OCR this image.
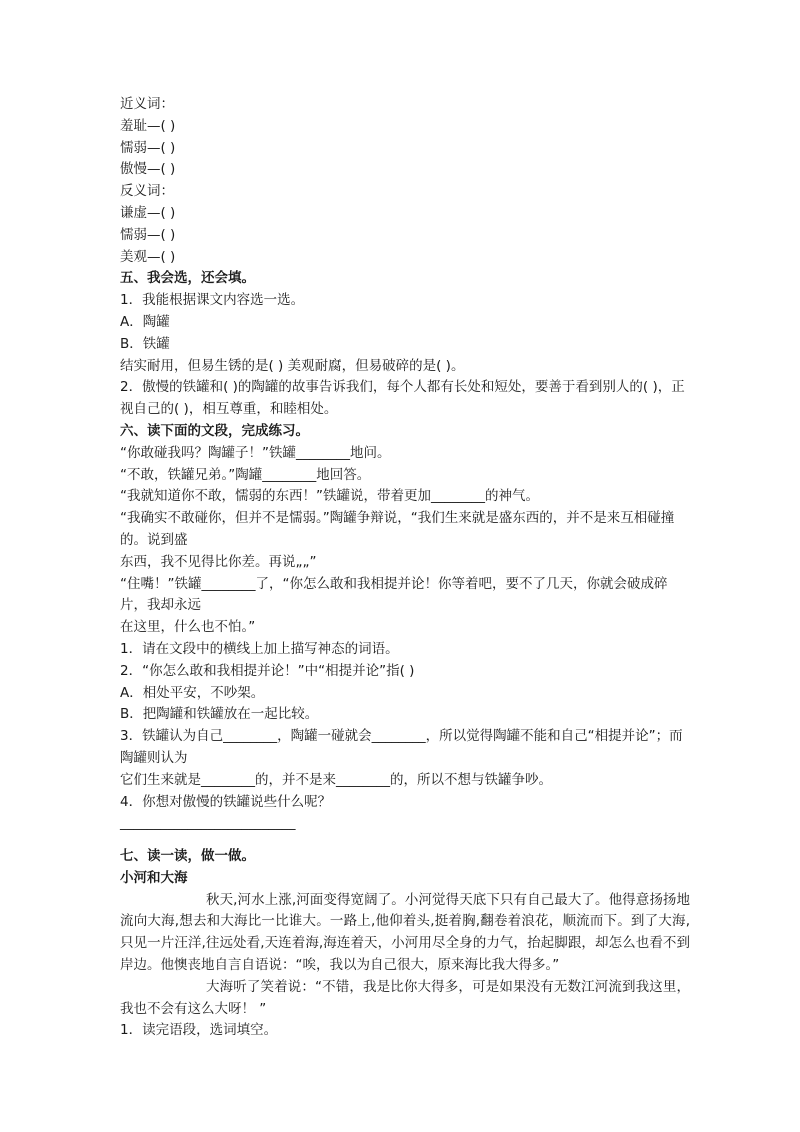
近义词：
羞耻—( )
懦弱—( )
傲慢—( )
反义词：
谦虚—( )
懦弱—( )
美观—( )
五、我会选，还会填。
1．我能根据课文内容选一选。
A．陶罐
B．铁罐
结实耐用，但易生锈的是( ) 美观耐腐，但易破碎的是( )。
2．傲慢的铁罐和( )的陶罐的故事告诉我们，每个人都有长处和短处，要善于看到别人的( )，正视自己的( )，相互尊重，和睦相处。
六、读下面的文段，完成练习。
“你敢碰我吗？陶罐子！”铁罐________地问。
“不敢，铁罐兄弟。”陶罐________地回答。
“我就知道你不敢，懦弱的东西！”铁罐说，带着更加________的神气。
“我确实不敢碰你，但并不是懦弱。”陶罐争辩说，“我们生来就是盛东西的，并不是来互相碰撞的。说到盛
东西，我不见得比你差。再说„„”
“住嘴！”铁罐________了，“你怎么敢和我相提并论！你等着吧，要不了几天，你就会破成碎片，我却永远
在这里，什么也不怕。”
1．请在文段中的横线上加上描写神态的词语。
2．“你怎么敢和我相提并论！”中“相提并论”指( )
A．相处平安，不吵架。
B．把陶罐和铁罐放在一起比较。
3．铁罐认为自己________，陶罐一碰就会________，所以觉得陶罐不能和自己“相提并论”；而陶罐则认为
它们生来就是________的，并不是来________的，所以不想与铁罐争吵。
4．你想对傲慢的铁罐说些什么呢？
__________________________
七、读一读，做一做。
小河和大海
秋天,河水上涨,河面变得宽阔了。小河觉得天底下只有自己最大了。他得意扬扬地流向大海,想去和大海比一比谁大。一路上,他仰着头,挺着胸,翻卷着浪花，顺流而下。到了大海,只见一片汪洋,往远处看,天连着海,海连着天，小河用尽全身的力气，抬起脚跟，却怎么也看不到岸边。他懊丧地自言自语说：“唉，我以为自己很大，原来海比我大得多。”
大海听了笑着说：“不错，我是比你大得多，可是如果没有无数江河流到我这里，我也不会有这么大呀！ ”
1．读完语段，选词填空。
